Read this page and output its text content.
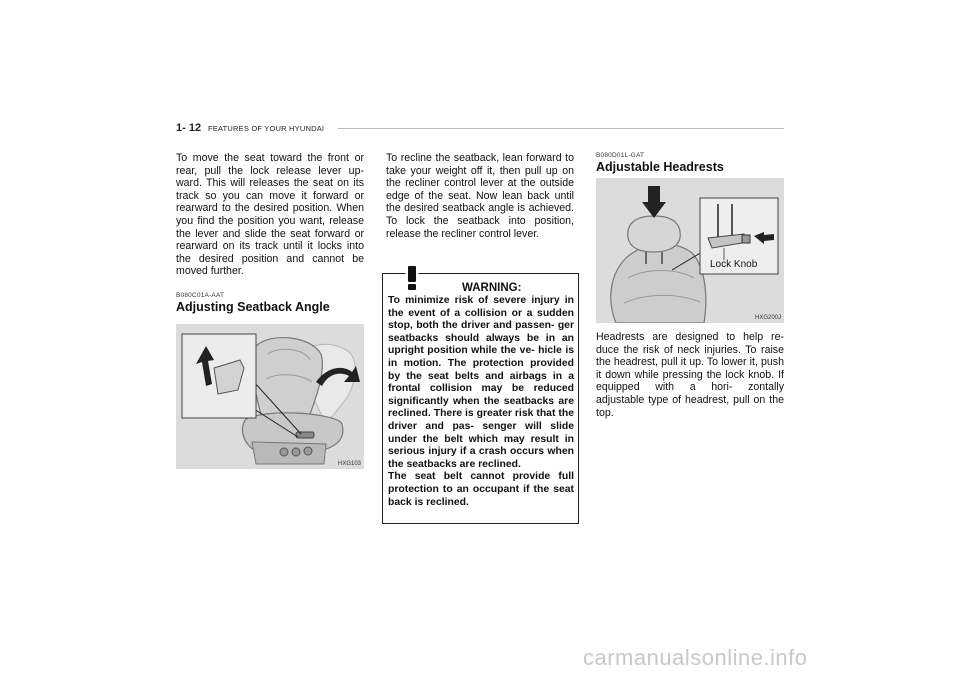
1- 12 FEATURES OF YOUR HYUNDAI

To move the seat toward the front or rear, pull the lock release lever up- ward. This will releases the seat on its track so you can move it forward or rearward to the desired position. When you find the position you want, release the lever and slide the seat forward or rearward on its track until it locks into the desired position and cannot be moved further.

B080C01A-AAT
Adjusting Seatback Angle
HXG103

To recline the seatback, lean forward to take your weight off it, then pull up on the recliner control lever at the outside edge of the seat. Now lean back until the desired seatback angle is achieved. To lock the seatback into position, release the recliner control lever.

WARNING:
To minimize risk of severe injury in the event of a collision or a sudden stop, both the driver and passen- ger seatbacks should always be in an upright position while the ve- hicle is in motion. The protection provided by the seat belts and airbags in a frontal collision may be reduced significantly when the seatbacks are reclined. There is greater risk that the driver and pas- senger will slide under the belt which may result in serious injury if a crash occurs when the seatbacks are reclined.
The seat belt cannot provide full protection to an occupant if the seat back is reclined.
B080D01L-GAT
Adjustable Headrests
Lock Knob
HXG200J

Headrests are designed to help re- duce the risk of neck injuries. To raise the headrest, pull it up. To lower it, push it down while pressing the lock knob. If equipped with a hori- zontally adjustable type of headrest, pull on the top.

carmanualsonline.info
